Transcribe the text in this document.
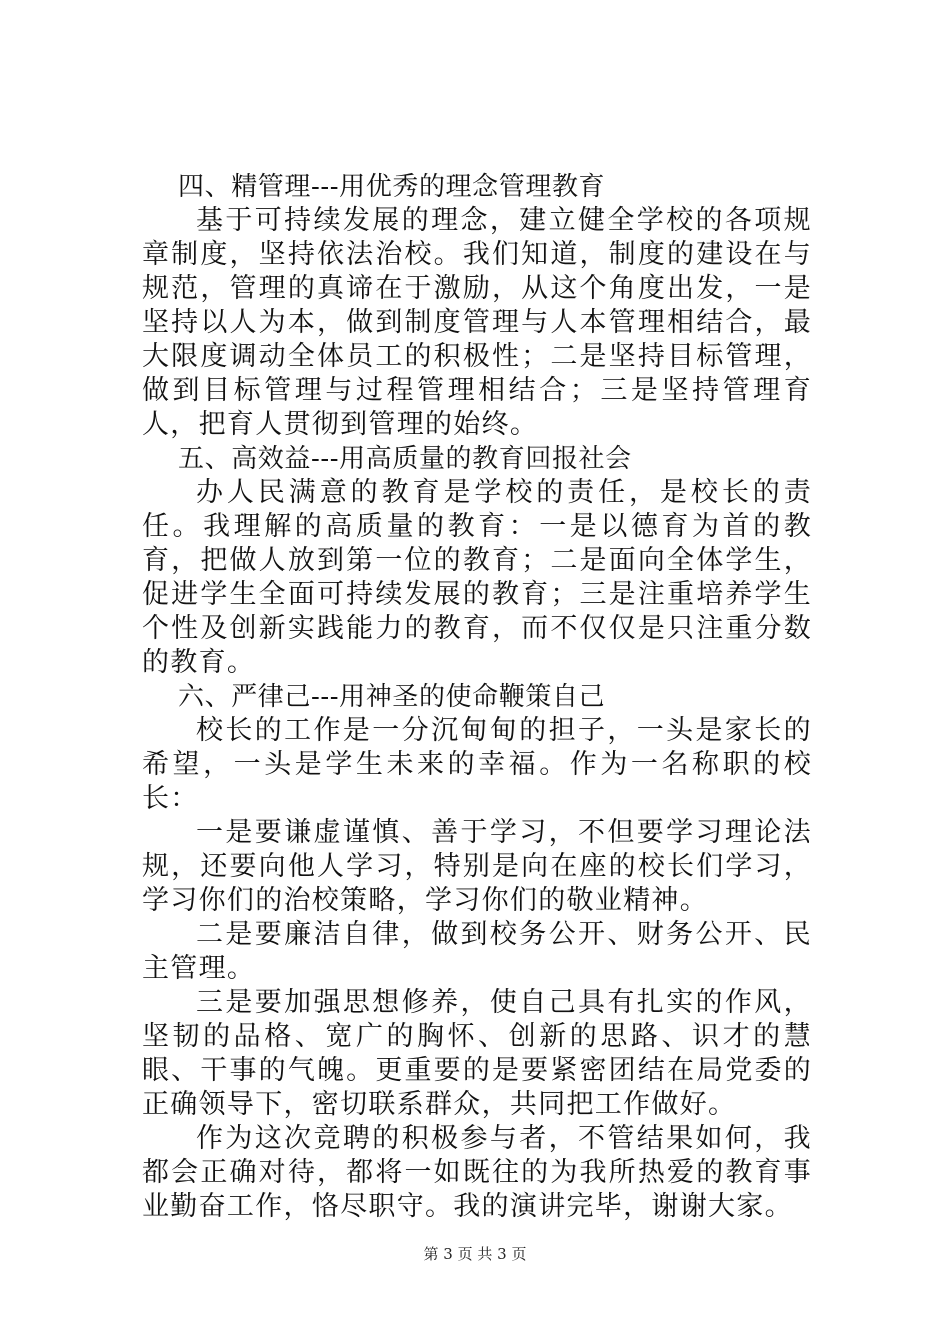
四、精管理---用优秀的理念管理教育

基于可持续发展的理念，建立健全学校的各项规章制度，坚持依法治校。我们知道，制度的建设在与规范，管理的真谛在于激励，从这个角度出发，一是坚持以人为本，做到制度管理与人本管理相结合，最大限度调动全体员工的积极性；二是坚持目标管理，做到目标管理与过程管理相结合；三是坚持管理育人，把育人贯彻到管理的始终。

五、高效益---用高质量的教育回报社会

办人民满意的教育是学校的责任，是校长的责任。我理解的高质量的教育：一是以德育为首的教育，把做人放到第一位的教育；二是面向全体学生，促进学生全面可持续发展的教育；三是注重培养学生个性及创新实践能力的教育，而不仅仅是只注重分数的教育。

六、严律己---用神圣的使命鞭策自己

校长的工作是一分沉甸甸的担子，一头是家长的希望，一头是学生未来的幸福。作为一名称职的校长：

一是要谦虚谨慎、善于学习，不但要学习理论法规，还要向他人学习，特别是向在座的校长们学习，学习你们的治校策略，学习你们的敬业精神。

二是要廉洁自律，做到校务公开、财务公开、民主管理。

三是要加强思想修养，使自己具有扎实的作风，坚韧的品格、宽广的胸怀、创新的思路、识才的慧眼、干事的气魄。更重要的是要紧密团结在局党委的正确领导下，密切联系群众，共同把工作做好。

作为这次竞聘的积极参与者，不管结果如何，我都会正确对待，都将一如既往的为我所热爱的教育事业勤奋工作，恪尽职守。我的演讲完毕，谢谢大家。

第 3 页 共 3 页
